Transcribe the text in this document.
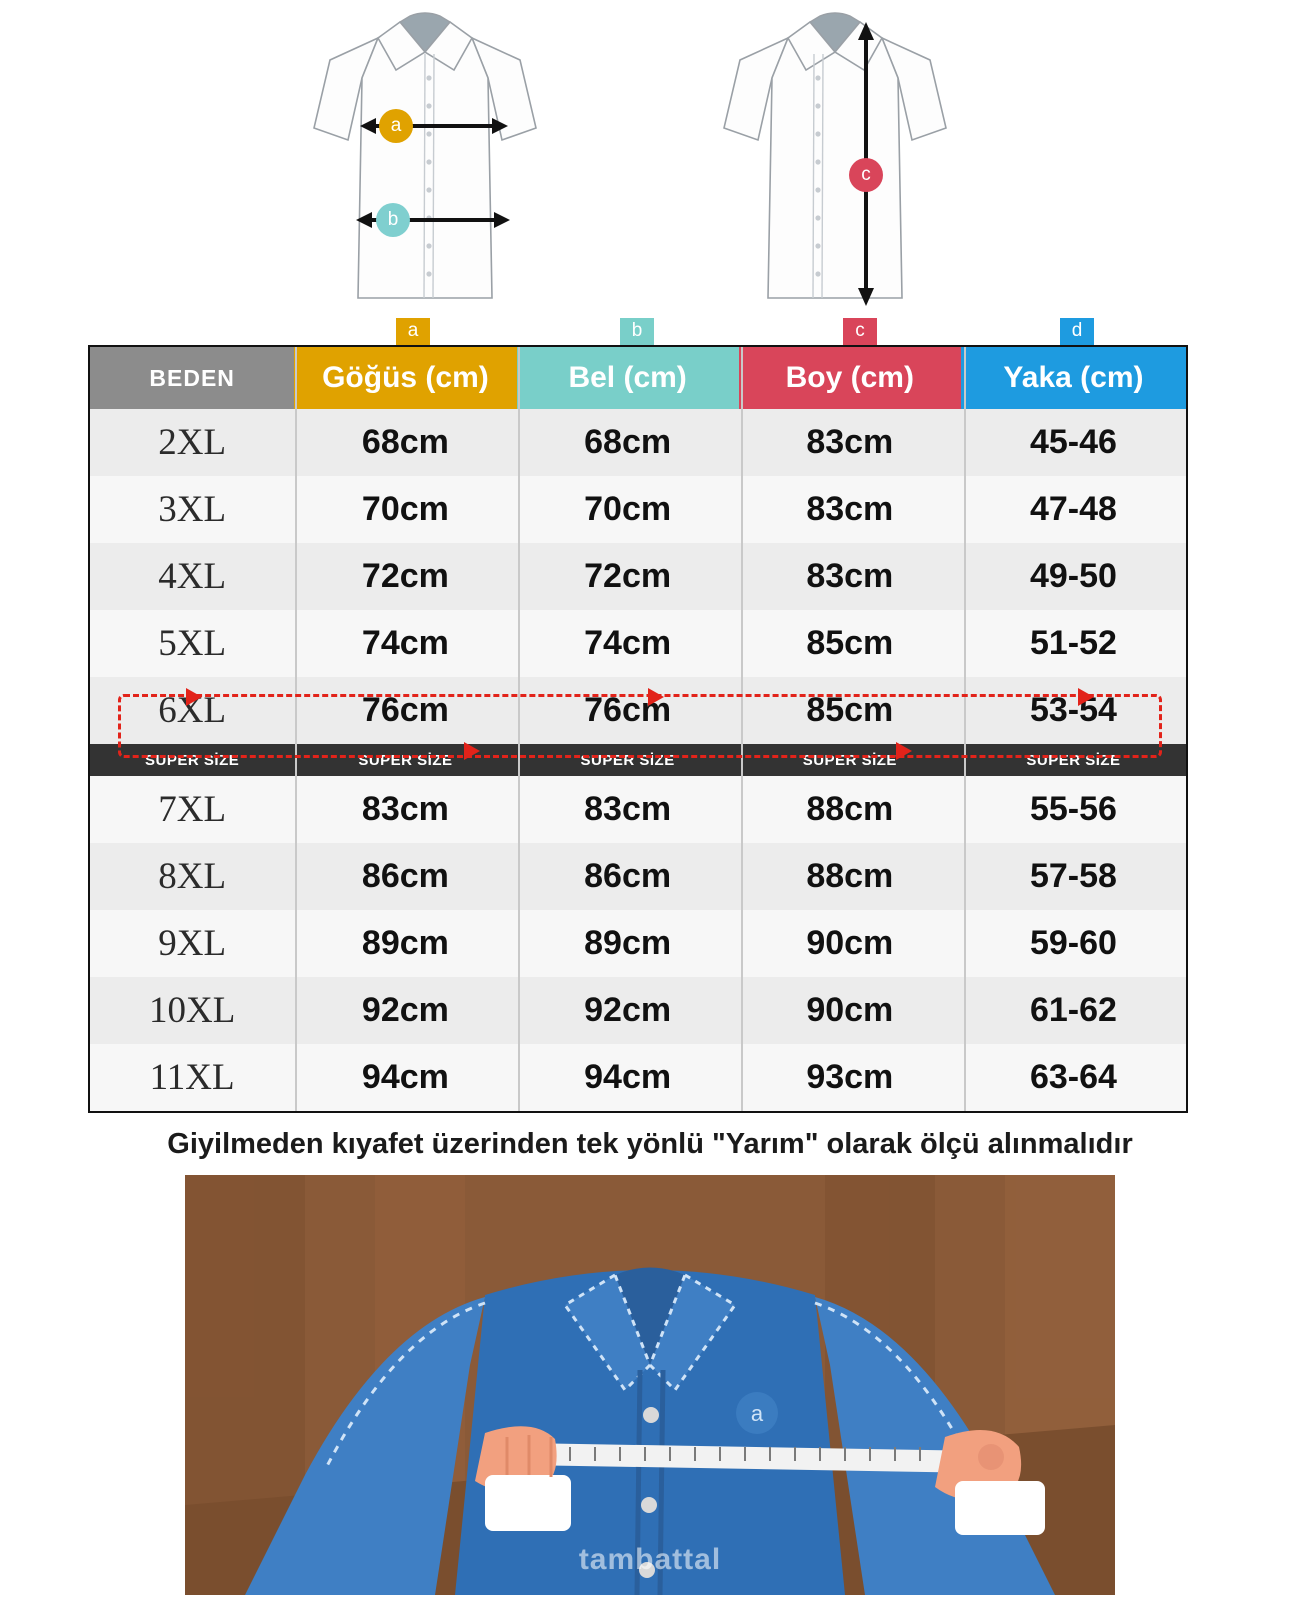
a
b
c
a	b	c	d
BEDEN	Göğüs (cm)	Bel (cm)	Boy (cm)	Yaka (cm)
2XL	68cm	68cm	83cm	45-46
3XL	70cm	70cm	83cm	47-48
4XL	72cm	72cm	83cm	49-50
5XL	74cm	74cm	85cm	51-52
6XL	76cm	76cm	85cm	53-54
SUPER SİZE	SUPER SİZE	SUPER SİZE	SUPER SİZE	SUPER SİZE
7XL	83cm	83cm	88cm	55-56
8XL	86cm	86cm	88cm	57-58
9XL	89cm	89cm	90cm	59-60
10XL	92cm	92cm	90cm	61-62
11XL	94cm	94cm	93cm	63-64
Giyilmeden kıyafet üzerinden tek yönlü "Yarım" olarak ölçü alınmalıdır
a
tambattal
